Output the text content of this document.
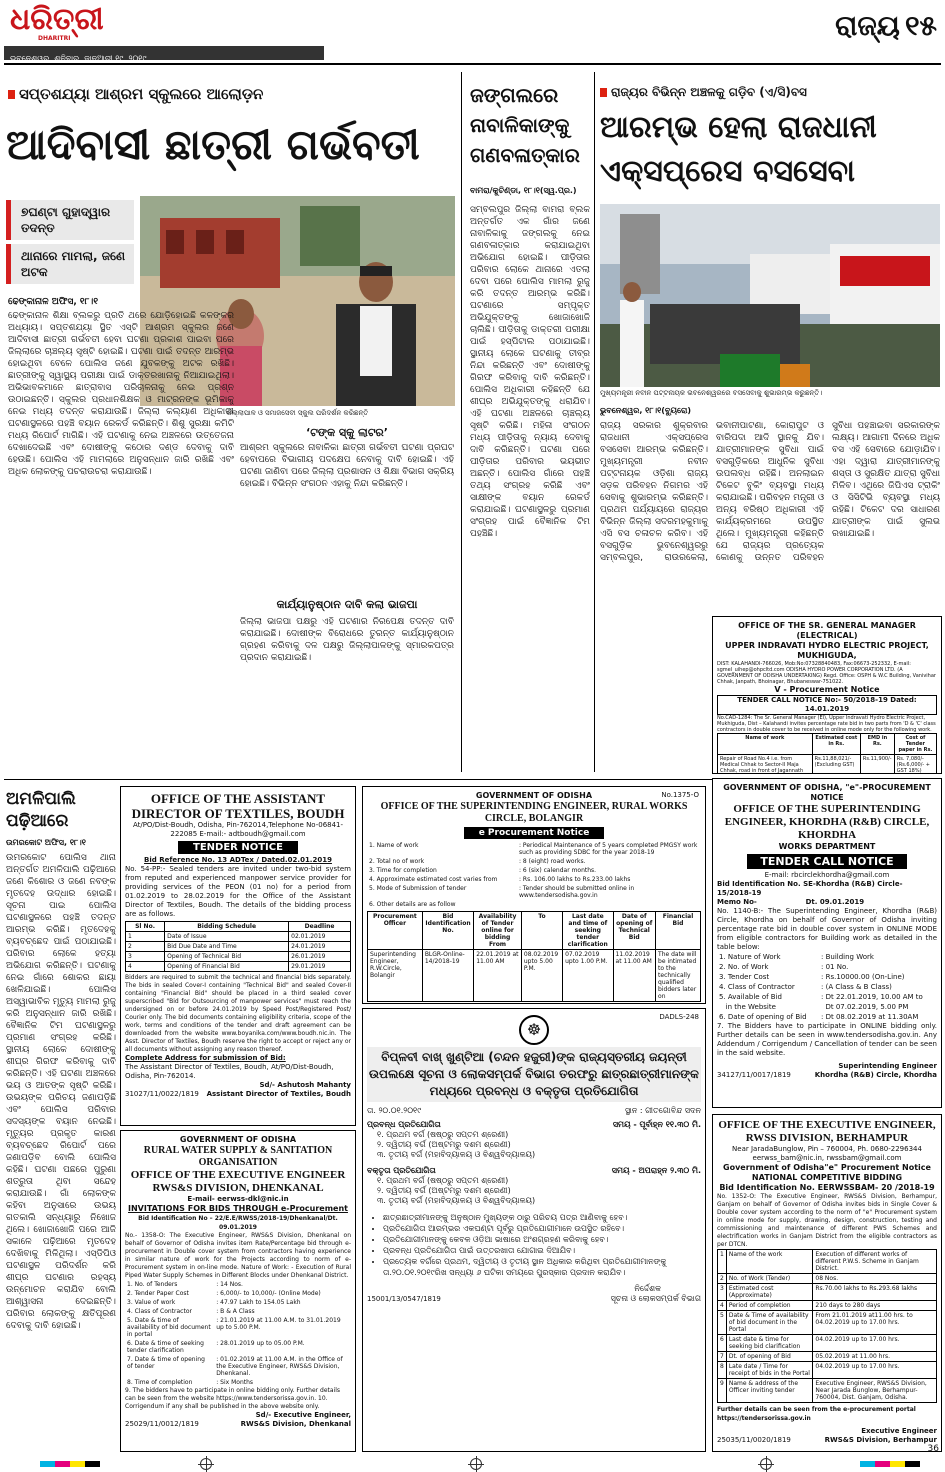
ଧରିତ୍ରୀ
DHARITRI
ଭୁବନେଶ୍ୱର, ଶନିବାର, ଜାନୁଆରୀ ୧୯, ୨୦୧୯
ରାଜ୍ୟ ୧୫
ସପ୍ତଶଯ୍ୟା ଆଶ୍ରମ ସ୍କୁଲରେ ଆଲୋଡ଼ନ
ଆଦିବାସୀ ଛାତ୍ରୀ ଗର୍ଭବତୀ
୭ଘଣ୍ଟା ଗୁହାଦ୍ୱାର ତଦନ୍ତ
ଥାନାରେ ମାମଲା, ଜଣେ ଅଟକ
ଜିଲ୍ଲାପାଳ ଓ ସମାଜସେବୀ ସ୍କୁଲ ପରିଦର୍ଶନ କରିଛନ୍ତି
ଢେଙ୍କାନାଳ ଅଫିସ, ୧୮।୧
ଢେଙ୍କାନାଳ ଶିକ୍ଷା ବ୍ଲକରୁ ପ୍ରତି ଥରେ ଯୋଡ଼ିହୋଇଛି କଳଙ୍କର ଅଧ୍ୟାୟ। ସପ୍ତଶଯ୍ୟା ସ୍ଥିତ ଏସ୍‌ଟି ଆଶ୍ରମ ସ୍କୁଲର ଜଣେ ଆଦିବାସୀ ଛାତ୍ରୀ ଗର୍ଭବତୀ ହେବା ଘଟଣା ପ୍ରକାଶ ପାଇବା ପରେ ଜିଲ୍ଲାରେ ଚାଞ୍ଚଲ୍ୟ ସୃଷ୍ଟି ହୋଇଛି। ଘଟଣା ପାଇଁ ତଦନ୍ତ ଆରମ୍ଭ ହୋଇଥିବା ବେଳେ ପୋଲିସ ଜଣେ ଯୁବକଙ୍କୁ ଅଟକ ରଖିଛି। ଛାତ୍ରୀଙ୍କୁ ସ୍ୱାସ୍ଥ୍ୟ ପରୀକ୍ଷା ପାଇଁ ଡାକ୍ତରଖାନାକୁ ନିଆଯାଇଥିଲା। ଅଭିଭାବକମାନେ ଛାତ୍ରାବାସ ପରିଚାଳନାକୁ ନେଇ ପ୍ରଶ୍ନ ଉଠାଇଛନ୍ତି। ସ୍କୁଲର ପ୍ରଧାନଶିକ୍ଷକ ଓ ମାଟ୍ରନଙ୍କ ଭୂମିକାକୁ ନେଇ ମଧ୍ୟ ତଦନ୍ତ କରାଯାଉଛି। ଜିଲ୍ଲା କଲ୍ୟାଣ ଅଧିକାରୀ ଘଟଣାସ୍ଥଳରେ ପହଞ୍ଚି ବୟାନ ରେକର୍ଡ କରିଛନ୍ତି। ଶିଶୁ ସୁରକ୍ଷା କମିଟି ମଧ୍ୟ ରିପୋର୍ଟ ମାଗିଛି। ଏହି ଘଟଣାକୁ ନେଇ ଅଞ୍ଚଳରେ ଉତ୍ତେଜନା ଦେଖାଦେଇଛି ଏବଂ ଦୋଷୀଙ୍କୁ କଠୋର ଦଣ୍ଡ ଦେବାକୁ ଦାବି ହେଉଛି। ପୋଲିସ ଏହି ମାମଲାରେ ଅନୁସନ୍ଧାନ ଜାରି ରଖିଛି ଏବଂ ଅଧିକ ଲୋକଙ୍କୁ ପଚରାଉଚରା କରାଯାଉଛି।
‘ଟଙ୍କ ସ୍କୁ ଲାଟର’
ଆଶ୍ରମ ସ୍କୁଲରେ ନାବାଳିକା ଛାତ୍ରୀ ଗର୍ଭବତୀ ଘଟଣା ପ୍ରଘଟ ହେବାପରେ ବିଭାଗୀୟ ପଦକ୍ଷେପ ନେବାକୁ ଦାବି ହୋଇଛି। ଏହି ଘଟଣା ଜାଣିବା ପରେ ଜିଲ୍ଲା ପ୍ରଶାସନ ଓ ଶିକ୍ଷା ବିଭାଗ ସକ୍ରିୟ ହୋଇଛି। ବିଭିନ୍ନ ସଂଗଠନ ଏହାକୁ ନିନ୍ଦା କରିଛନ୍ତି।
କାର୍ଯ୍ୟାନୁଷ୍ଠାନ ଦାବି କଲା ଭାଜପା
ଜିଲ୍ଲା ଭାଜପା ପକ୍ଷରୁ ଏହି ଘଟଣାର ନିରପେକ୍ଷ ତଦନ୍ତ ଦାବି କରାଯାଇଛି। ଦୋଷୀଙ୍କ ବିରୋଧରେ ତୁରନ୍ତ କାର୍ଯ୍ୟାନୁଷ୍ଠାନ ଗ୍ରହଣ କରିବାକୁ ଦଳ ପକ୍ଷରୁ ଜିଲ୍ଲାପାଳଙ୍କୁ ସ୍ମାରକପତ୍ର ପ୍ରଦାନ କରାଯାଇଛି।
ଜଙ୍ଗଲରେ ନାବାଳିକାଙ୍କୁ ଗଣବଳାତ୍କାର
ବାମରା/କୁଚିଣ୍ଡା, ୧୮।୧(ସ୍ୱ.ପ୍ର.)
ସମ୍ବଲପୁର ଜିଲ୍ଲା ବାମରା ବ୍ଲକ ଅନ୍ତର୍ଗତ ଏକ ଗାଁର ଜଣେ ନାବାଳିକାକୁ ଜଙ୍ଗଲକୁ ନେଇ ଗଣବଳାତ୍କାର କରାଯାଇଥିବା ଅଭିଯୋଗ ହୋଇଛି। ପୀଡ଼ିତାର ପରିବାର ଲୋକେ ଥାନାରେ ଏତଲା ଦେବା ପରେ ପୋଲିସ ମାମଲା ରୁଜୁ କରି ତଦନ୍ତ ଆରମ୍ଭ କରିଛି। ଘଟଣାରେ ସମ୍ପୃକ୍ତ ଅଭିଯୁକ୍ତଙ୍କୁ ଖୋଜାଖୋଜି ଚାଲିଛି। ପୀଡ଼ିତାକୁ ଡାକ୍ତରୀ ପରୀକ୍ଷା ପାଇଁ ହସ୍ପିଟାଲ ପଠାଯାଇଛି। ସ୍ଥାନୀୟ ଲୋକେ ଘଟଣାକୁ ତୀବ୍ର ନିନ୍ଦା କରିଛନ୍ତି ଏବଂ ଦୋଷୀଙ୍କୁ ଗିରଫ କରିବାକୁ ଦାବି କରିଛନ୍ତି। ପୋଲିସ ଅଧିକାରୀ କହିଛନ୍ତି ଯେ ଶୀଘ୍ର ଅଭିଯୁକ୍ତଙ୍କୁ ଧରାଯିବ। ଏହି ଘଟଣା ଅଞ୍ଚଳରେ ଚାଞ୍ଚଲ୍ୟ ସୃଷ୍ଟି କରିଛି। ମହିଳା ସଂଗଠନ ମଧ୍ୟ ପୀଡ଼ିତାକୁ ନ୍ୟାୟ ଦେବାକୁ ଦାବି କରିଛନ୍ତି। ଘଟଣା ପରେ ପୀଡ଼ିତାର ପରିବାର ଭୟଭୀତ ଅଛନ୍ତି। ପୋଲିସ ଗାଁରେ ପହଞ୍ଚି ତଥ୍ୟ ସଂଗ୍ରହ କରିଛି ଏବଂ ସାକ୍ଷୀଙ୍କ ବୟାନ ରେକର୍ଡ କରାଯାଇଛି। ଘଟଣାସ୍ଥଳରୁ ପ୍ରମାଣ ସଂଗ୍ରହ ପାଇଁ ବୈଜ୍ଞାନିକ ଟିମ ପହଞ୍ଚିଛି।
ରାଜ୍ୟର ବିଭିନ୍ନ ଅଞ୍ଚଳକୁ ଗଡ଼ିବ (ଏ/ସି)ବସ
ଆରମ୍ଭ ହେଲା ରାଜଧାନୀ ଏକ୍ସପ୍ରେସ ବସସେବା
ମୁଖ୍ୟମନ୍ତ୍ରୀ ନବୀନ ପଟ୍ଟନାୟକ ଭବନେଶ୍ୱରରେ ବସସେବାକୁ ଶୁଭାରମ୍ଭ କରୁଛନ୍ତି।
ଭୁବନେଶ୍ୱର, ୧୮।୧(ବ୍ୟୁରୋ)
ରାଜ୍ୟ ସରକାର ଶୁକ୍ରବାର ରାଜଧାନୀ ଏକ୍ସପ୍ରେସ ବସସେବା ଆରମ୍ଭ କରିଛନ୍ତି। ମୁଖ୍ୟମନ୍ତ୍ରୀ ନବୀନ ପଟ୍ଟନାୟକ ଓଡ଼ିଶା ରାଜ୍ୟ ସଡ଼କ ପରିବହନ ନିଗମର ଏହି ସେବାକୁ ଶୁଭାରମ୍ଭ କରିଛନ୍ତି। ପ୍ରଥମ ପର୍ଯ୍ୟାୟରେ ରାଜ୍ୟର ବିଭିନ୍ନ ଜିଲ୍ଲା ସଦରମହକୁମାକୁ ଏସି ବସ ଚଳାଚଳ କରିବ। ଏହି ବସଗୁଡ଼ିକ ଭୁବନେଶ୍ୱରରୁ ସମ୍ବଲପୁର, ରାଉରକେଲା, ଭବାନୀପାଟଣା, କୋରାପୁଟ ଓ ବାରିପଦା ଆଦି ସ୍ଥାନକୁ ଯିବ। ଯାତ୍ରୀମାନଙ୍କ ସୁବିଧା ପାଇଁ ବସଗୁଡ଼ିକରେ ଆଧୁନିକ ସୁବିଧା ଉପଲବ୍ଧ ରହିଛି। ଅନଲାଇନ ଟିକେଟ ବୁକିଂ ବ୍ୟବସ୍ଥା ମଧ୍ୟ କରାଯାଇଛି। ପରିବହନ ମନ୍ତ୍ରୀ ଓ ଅନ୍ୟ ବରିଷ୍ଠ ଅଧିକାରୀ ଏହି କାର୍ଯ୍ୟକ୍ରମରେ ଉପସ୍ଥିତ ଥିଲେ। ମୁଖ୍ୟମନ୍ତ୍ରୀ କହିଛନ୍ତି ଯେ ରାଜ୍ୟର ପ୍ରତ୍ୟେକ କୋଣକୁ ଉନ୍ନତ ପରିବହନ ସୁବିଧା ପହଞ୍ଚାଇବା ସରକାରଙ୍କ ଲକ୍ଷ୍ୟ। ଆଗାମୀ ଦିନରେ ଅଧିକ ବସ ଏହି ସେବାରେ ଯୋଡ଼ାଯିବ। ଏହା ଦ୍ୱାରା ଯାତ୍ରୀମାନଙ୍କୁ ଶସ୍ତା ଓ ସୁରକ୍ଷିତ ଯାତ୍ରା ସୁବିଧା ମିଳିବ। ଏଥିରେ ଜିପିଏସ ଟ୍ରାକିଂ ଓ ସିସିଟିଭି ବ୍ୟବସ୍ଥା ମଧ୍ୟ ରହିଛି। ଟିକେଟ ଦର ସାଧାରଣ ଯାତ୍ରୀଙ୍କ ପାଇଁ ସୁଲଭ ରଖାଯାଇଛି।
OFFICE OF THE SR. GENERAL MANAGER (ELECTRICAL)
UPPER INDRAVATI HYDRO ELECTRIC PROJECT, MUKHIGUDA,
DIST: KALAHANDI-766026, Mob:No:07328840483, Fax:06673-252332, E-mail: sgmel_uihep@ohpcltd.com ODISHA HYDRO POWER CORPORATION LTD. (A GOVERNMENT OF ODISHA UNDERTAKING) Regd. Office: OSPH & W.C Building, Vanivihar Chhak, Janpath, Bhoinagar, Bhubaneswar-751022.
V - Procurement Notice
TENDER CALL NOTICE No:- 50/2018-19 Dated: 14.01.2019
No.CAD-1284: The Sr. General Manager (El), Upper Indravati Hydro Electric Project, Mukhiguda, Dist – Kalahandi invites percentage rate bid in two parts from 'D & 'C' class contractors in double cover to be received in online mode only for the following work.
Name of work	Estimated cost in Rs.	EMD in Rs.	Cost of Tender paper in Rs.
Repair of Road No.4 i.e. from Medical Chhak to Sector-II Maja Chhak, road in front of Jagannath	Rs.11,88,021/- (Excluding GST)	Rs.11,900/-	Rs. 7,080/- (Rs.6,000/- + GST 18%)
ଅମଳିପାଲି ପଢ଼ିଆରେ
ଉମରକୋଟ ଅଫିସ, ୧୮।୧
ଉମରକୋଟ ପୋଲିସ ଥାନା ଅନ୍ତର୍ଗତ ଅମଳିପାଲି ପଢ଼ିଆରେ ଜଣେ କିଶୋର ଓ ଜଣେ ନବଙ୍କ ମୃତଦେହ ଉଦ୍ଧାର ହୋଇଛି। ସୂଚନା ପାଇ ପୋଲିସ ଘଟଣାସ୍ଥଳରେ ପହଞ୍ଚି ତଦନ୍ତ ଆରମ୍ଭ କରିଛି। ମୃତଦେହକୁ ବ୍ୟବଚ୍ଛେଦ ପାଇଁ ପଠାଯାଇଛି। ପରିବାର ଲୋକେ ହତ୍ୟା ଅଭିଯୋଗ କରିଛନ୍ତି। ଘଟଣାକୁ ନେଇ ଗାଁରେ ଶୋକର ଛାୟା ଖେଳିଯାଇଛି। ପୋଲିସ ଅସ୍ୱାଭାବିକ ମୃତ୍ୟୁ ମାମଲା ରୁଜୁ କରି ଅନୁସନ୍ଧାନ ଜାରି ରଖିଛି। ବୈଜ୍ଞାନିକ ଟିମ ଘଟଣାସ୍ଥଳରୁ ପ୍ରମାଣ ସଂଗ୍ରହ କରିଛି। ସ୍ଥାନୀୟ ଲୋକେ ଦୋଷୀଙ୍କୁ ଶୀଘ୍ର ଗିରଫ କରିବାକୁ ଦାବି କରିଛନ୍ତି। ଏହି ଘଟଣା ଅଞ୍ଚଳରେ ଭୟ ଓ ଆତଙ୍କ ସୃଷ୍ଟି କରିଛି। ଉଭୟଙ୍କ ପରିଚୟ ଜଣାପଡ଼ିଛି ଏବଂ ପୋଲିସ ପରିବାର ସଦସ୍ୟଙ୍କ ବୟାନ ନେଇଛି। ମୃତ୍ୟୁର ପ୍ରକୃତ କାରଣ ବ୍ୟବଚ୍ଛେଦ ରିପୋର୍ଟ ପରେ ଜଣାପଡ଼ିବ ବୋଲି ପୋଲିସ କହିଛି। ଘଟଣା ପଛରେ ପୁରୁଣା ଶତ୍ରୁତା ଥିବା ସନ୍ଦେହ କରାଯାଉଛି। ଗାଁ ଲୋକଙ୍କ କହିବା ଅନୁସାରେ ଉଭୟ ଗତକାଲି ସନ୍ଧ୍ୟାରୁ ନିଖୋଜ ଥିଲେ। ଖୋଜାଖୋଜି ପରେ ଆଜି ସକାଳେ ପଢ଼ିଆରେ ମୃତଦେହ ଦେଖିବାକୁ ମିଳିଥିଲା। ଏସ୍‌ଡିପିଓ ଘଟଣାସ୍ଥଳ ପରିଦର୍ଶନ କରି ଶୀଘ୍ର ଘଟଣାର ରହସ୍ୟ ଉନ୍ମୋଚନ କରାଯିବ ବୋଲି ଆଶ୍ୱାସନା ଦେଇଛନ୍ତି। ପରିବାର ଲୋକଙ୍କୁ କ୍ଷତିପୂରଣ ଦେବାକୁ ଦାବି ହୋଇଛି।
OFFICE OF THE ASSISTANT DIRECTOR OF TEXTILES, BOUDH
At/PO/Dist-Boudh, Odisha, Pin-762014,Telephone No-06841-222085 E-mail:- adtboudh@gmail.com
TENDER NOTICE
Bid Reference No. 13 ADTex / Dated.02.01.2019
No. 54-PP:- Sealed tenders are invited under two-bid system from reputed and experienced manpower service provider for providing services of the PEON (01 no) for a period from 01.02.2019 to 28.02.2019 for the Office of the Assistant Director of Textiles, Boudh. The details of the bidding process are as follows.
Sl No.	Bidding Schedule	Deadline
1	Date of Issue	02.01.2019
2	Bid Due Date and Time	24.01.2019
3	Opening of Technical Bid	26.01.2019
4	Opening of Financial Bid	29.01.2019
Bidders are required to submit the technical and financial bids separately. The bids in sealed Cover-I containing "Technical Bid" and sealed Cover-II containing "Financial Bid" should be placed in a third sealed cover superscribed "Bid for Outsourcing of manpower services" must reach the undersigned on or before 24.01.2019 by Speed Post/Registered Post/ Courier only. The bid documents containing eligibility criteria, scope of the work, terms and conditions of the tender and draft agreement can be downloaded from the website www.boyanika.com/www.boudh.nic.in. The Asst. Director of Textiles, Boudh reserve the right to accept or reject any or all documents without assigning any reason thereof.
Complete Address for submission of Bid:
The Assistant Director of Textiles, Boudh, At/PO/Dist-Boudh, Odisha, Pin-762014.
Sd/- Ashutosh Mahanty
31027/11/0022/1819 Assistant Director of Textiles, Boudh
GOVERNMENT OF ODISHA
RURAL WATER SUPPLY & SANITATION ORGANISATION
OFFICE OF THE EXECUTIVE ENGINEER RWS&S DIVISION, DHENKANAL
E-mail- eerwss-dkl@nic.in
INVITATIONS FOR BIDS THROUGH e-Procurement
Bid Identification No – 22/E.E/RWSS/2018-19/Dhenkanal/Dt. 09.01.2019
No.- 1358-O: The Executive Engineer, RWS&S Division, Dhenkanal on behalf of Governor of Odisha invites item Rate/Percentage bid through e-procurement in Double cover system from contractors having experience in similar nature of work for the Projects according to norm of e-Procurement system in on-line mode. Nature of Work: - Execution of Rural Piped Water Supply Schemes in Different Blocks under Dhenkanal District.
1. No. of Tenders	: 14 Nos.
2. Tender Paper Cost	: 6,000/- to 10,000/- (Online Mode)
3. Value of work	: 47.97 Lakh to 154.05 Lakh
4. Class of Contractor	: B & A Class
5. Date & time of availability of bid document in portal	: 21.01.2019 at 11.00 A.M. to 31.01.2019 up to 5.00 P.M.
6. Date & time of seeking tender clarification	: 28.01.2019 up to 05.00 P.M.
7. Date & time of opening of tender	: 01.02.2019 at 11.00 A.M. in the Office of the Executive Engineer, RWS&S Division, Dhenkanal.
8. Time of completion	: Six Months
9. The bidders have to participate in online bidding only. Further details can be seen from the website https://www.tendersorissa.gov.in. 10. Corrigendum if any shall be published in the above website only.
Sd/- Executive Engineer,
25029/11/0012/1819	RWS&S Division, Dhenkanal
GOVERNMENT OF ODISHA	No.1375-O
OFFICE OF THE SUPERINTENDING ENGINEER, RURAL WORKS CIRCLE, BOLANGIR
e Procurement Notice
1. Name of work	: Periodical Maintenance of 5 years completed PMGSY work such as providing SDBC for the year 2018-19
2. Total no of work	: 8 (eight) road works.
3. Time for completion	: 6 (six) calendar months.
4. Approximate estimated cost varies from	: Rs. 106.00 lakhs to Rs.233.00 lakhs
5. Mode of Submission of tender	: Tender should be submitted online in www.tendersodisha.gov.in
6. Other details are as follow	
Procurement Officer	Bid Identification No.	Availability of Tender online for bidding From	To	Last date and time of seeking tender clarification	Date of opening of Technical Bid	Financial Bid
Superintending Engineer, R.W.Circle, Bolangir	BLGR-Online-14/2018-19	22.01.2019 at 11.00 AM	08.02.2019 upto 5.00 P.M.	07.02.2019 upto 1.00 P.M.	11.02.2019 at 11.00 AM	The date will be intimated to the technically qualified bidders later on
DADLS-248
☸
ବିପ୍ଳବୀ ବାଖ୍ ଖୁଣ୍ଟିଆ (ଚନ୍ଦନ ହଜୁରୀ)ଙ୍କ ରାଜ୍ୟସ୍ତରୀୟ ଜୟନ୍ତୀ ଉପଲକ୍ଷେ ସୂଚନା ଓ ଲୋକସମ୍ପର୍କ ବିଭାଗ ତରଫରୁ ଛାତ୍ରଛାତ୍ରୀମାନଙ୍କ ମଧ୍ୟରେ ପ୍ରବନ୍ଧ ଓ ବକ୍ତୃତା ପ୍ରତିଯୋଗିତା
ତା. ୨୦.୦୧.୨୦୧୯	ସ୍ଥାନ : ଗୀତଗୋବିନ୍ଦ ସଦନ
ପ୍ରବନ୍ଧ ପ୍ରତିଯୋଗିତା	ସମୟ - ପୂର୍ବାହ୍ନ ୧୧.୩୦ ମି.
୧. ପ୍ରଥମ ବର୍ଗ (ଷଷ୍ଠରୁ ସପ୍ତମ ଶ୍ରେଣୀ)
୨. ଦ୍ୱିତୀୟ ବର୍ଗ (ଅଷ୍ଟମରୁ ଦଶମ ଶ୍ରେଣୀ)
୩. ତୃତୀୟ ବର୍ଗ (ମହାବିଦ୍ୟାଳୟ ଓ ବିଶ୍ୱବିଦ୍ୟାଳୟ)
ବକ୍ତୃତା ପ୍ରତିଯୋଗିତା	ସମୟ - ଅପରାହ୍ନ ୨.୩୦ ମି.
୧. ପ୍ରଥମ ବର୍ଗ (ଷଷ୍ଠରୁ ସପ୍ତମ ଶ୍ରେଣୀ)
୨. ଦ୍ୱିତୀୟ ବର୍ଗ (ଅଷ୍ଟମରୁ ଦଶମ ଶ୍ରେଣୀ)
୩. ତୃତୀୟ ବର୍ଗ (ମହାବିଦ୍ୟାଳୟ ଓ ବିଶ୍ୱବିଦ୍ୟାଳୟ)
• ଛାତ୍ରଛାତ୍ରୀମାନଙ୍କୁ ଅନୁଷ୍ଠାନ ମୁଖ୍ୟଙ୍କ ଠାରୁ ପରିଚୟ ପତ୍ର ଆଣିବାକୁ ହେବ।
• ପ୍ରତିଯୋଗିତା ଆରମ୍ଭର ଏକଘଣ୍ଟା ପୂର୍ବରୁ ପ୍ରତିଯୋଗୀମାନେ ଉପସ୍ଥିତ ରହିବେ।
• ପ୍ରତିଯୋଗୀମାନଙ୍କୁ କେବଳ ଓଡ଼ିଆ ଭାଷାରେ ଅଂଶଗ୍ରହଣ କରିବାକୁ ହେବ।
• ପ୍ରବନ୍ଧ ପ୍ରତିଯୋଗିତା ପାଇଁ ଉତ୍ତରଖାତା ଯୋଗାଇ ଦିଆଯିବ।
• ପ୍ରତ୍ୟେକ ବର୍ଗରେ ପ୍ରଥମ, ଦ୍ୱିତୀୟ ଓ ତୃତୀୟ ସ୍ଥାନ ଅଧିକାର କରିଥିବା ପ୍ରତିଯୋଗୀମାନଙ୍କୁ ତା.୨୦.୦୧.୨୦୧୯ରିଖ ସନ୍ଧ୍ୟା ୬ ଘଟିକା ସମୟରେ ପୁରସ୍କାର ପ୍ରଦାନ କରାଯିବ।
ନିର୍ଦ୍ଦେଶକ
15001/13/0547/1819	ସୂଚନା ଓ ଲୋକସମ୍ପର୍କ ବିଭାଗ
GOVERNMENT OF ODISHA, "e"-PROCUREMENT NOTICE
OFFICE OF THE SUPERINTENDING ENGINEER, KHORDHA (R&B) CIRCLE, KHORDHA
WORKS DEPARTMENT
TENDER CALL NOTICE
E-mail: rbcirclekhordha@gmail.com
Bid Identification No. SE-Khordha (R&B) Circle- 15/2018-19
Memo No-                    Dt. 09.01.2019
No. 1140-B:- The Superintending Engineer, Khordha (R&B) Circle, Khordha on behalf of Governor of Odisha inviting percentage rate bid in double cover system in ONLINE MODE from eligible contractors for Building work as detailed in the table below:
1. Nature of Work	: Building Work
2. No. of Work	: 01 No.
3. Tender Cost	: Rs.10000.00 (On-Line)
4. Class of Contractor	: (A Class & B Class)
5. Available of Bid	: Dt 22.01.2019, 10.00 AM to
in the Website	Dt 07.02.2019, 5.00 PM
6. Date of opening of Bid	: Dt 08.02.2019 at 11.30AM
7. The Bidders have to participate in ONLINE bidding only. Further details can be seen in www.tendersodisha.gov.in. Any Addendum / Corrigendum / Cancellation of tender can be seen in the said website.
Superintending Engineer
34127/11/0017/1819	Khordha (R&B) Circle, Khordha
OFFICE OF THE EXECUTIVE ENGINEER, RWSS DIVISION, BERHAMPUR
Near JaradaBunglow, Pin – 760004, Ph. 0680-2296344 eerwss_bam@nic.in, rwssbam@gmail.com
Government of Odisha"e" Procurement Notice NATIONAL COMPETITIVE BIDDING
Bid Identification No. EERWSSBAM- 20 /2018-19
No. 1352-O: The Executive Engineer, RWS&S Division, Berhampur, Ganjam on behalf of Governor of Odisha invites bids in Single Cover & Double cover system according to the norm of "e" Procurement system in online mode for supply, drawing, design, construction, testing and commissioning and maintenance of different PWS Schemes and electrification works in Ganjam District from the eligible contractors as per DTCN.
1	Name of the work	Execution of different works of different P.W.S. Scheme in Ganjam District.
2	No. of Work (Tender)	08 Nos.
3	Estimated cost (Approximate)	Rs.70.00 lakhs to Rs.293.68 lakhs
4	Period of completion	210 days to 280 days
5	Date & Time of availability of bid document in the Portal	From 21.01.2019 at11.00 hrs. to 04.02.2019 up to 17.00 hrs.
6	Last date & time for seeking bid clarification	04.02.2019 up to 17.00 hrs.
7	Dt. of opening of Bid	05.02.2019 at 11.00 hrs.
8	Late date / Time for receipt of bids in the Portal	04.02.2019 up to 17.00 hrs.
9	Name & address of the Officer inviting tender	Executive Engineer, RWS&S Division, Near Jarada Bunglow, Berhampur-760004, Dist. Ganjam, Odisha.
Further details can be seen from the e-procurement portal https://tendersorissa.gov.in
Executive Engineer
25035/11/0020/1819	RWS&S Division, Berhampur
36
